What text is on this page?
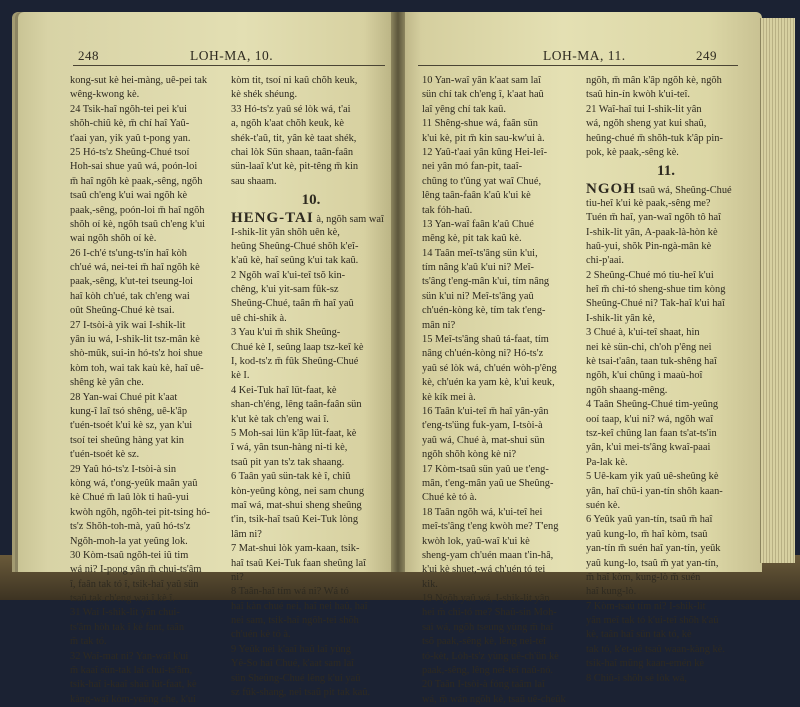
248	LOH-MA, 10.
kong-sut kè hei-màng, uê-pei tak
wêng-kwong kè.
24 Tsik-haî ngŏh-tei pei k'ui
shŏh-chiû kè, m̄ chí haî Yaû-
t'aai yan, yik yaû t-pong yan.
25 Hó-ts'z Sheûng-Chué tsoí
Hoh-sai shue yaû wá, poón-loi
m̄ haî ngŏh kè paak,-sêng, ngŏh
tsaû ch'eng k'ui wai ngŏh kè
paak,-sêng, poón-loi m̄ haî ngŏh
shŏh oí kè, ngŏh tsaû ch'eng k'ui
wai ngŏh shŏh oí kè.
26 I-ch'é ts'ung-ts'ín haî kòh
ch'ué wá, nei-tei m̄ haî ngŏh kè
paak,-sêng, k'ut-tei tseung-loi
haî kòh ch'ué, tak ch'eng wai
oût Sheûng-Chué kè tsai.
27 I-tsòi-à yik wai I-shik-lit
yân iu wá, I-shik-lit tsz-mân kè
shò-mûk, sui-in hó-ts'z hoi shue
kòm toh, wai tak kaù kè, haî uê-
shêng kè yân che.
28 Yan-wai Chué pit k'aat
kung-î laî tsó shêng, uê-k'âp
t'uén-tsoét k'ui kè sz, yan k'ui
tsoí tei sheûng hàng yat kin
t'uén-tsoét kè sz.
29 Yaû hó-ts'z I-tsòi-à sin
kòng wá, t'ong-yeûk maân yaû
kè Chué m̄ laû lòk ti haû-yui
kwòh ngŏh, ngŏh-tei pit-tsing hó-
ts'z Shŏh-toh-mà, yaû hó-ts'z
Ngŏh-moh-la yat yeûng lok.
30 Kòm-tsaû ngŏh-tei iû tim
wá ni? I-pong yân m̄ chui-ts'âm
î, faân tak tó î, tsik-haî yaû sün
tsaû tak ch'eng wai î kè î.
31 Wai I-shik-lit yân chui-
ts'âm hòh tak î kè fant, taân
m̄ tak tó.
32 Waî-mat ni? Yan-waî k'ui
m̄ kaaî sün-tak laî chui-ts'âm,
tsik-haî i-kaaî shaû lüt-faat, kè
kàng-waî kòm-yeûng che, k'ui
kòm tit, tsoí ni kaû chŏh keuk,
kè shék shéung.
33 Hó-ts'z yaû sé lòk wá, t'ai
a, ngŏh k'aat chŏh keuk, kè
shék-t'aû, tit, yân kè taat shék,
chai lòk Sün shaan, taân-faân
sün-laaî k'ut kè, pit-têng m̄ kin
sau shaam.
10.
HENG-TAI à, ngŏh sam waî
I-shik-lit yân shŏh uên kè,
heûng Sheûng-Chué shŏh k'eî-
k'aû kè, haî seûng k'ui tak kaû.
2 Ngŏh waî k'ui-teî tsŏ kin-
chêng, k'ui yit-sam fûk-sz
Sheûng-Chué, taân m̄ haî yaû
uê chi-shik à.
3 Yau k'ui m̄ shik Sheûng-
Chué kè I, seûng laap tsz-keî kè
I, kod-ts'z m̄ fûk Sheûng-Chué
kè I.
4 Kei-Tuk haî lüt-faat, kè
shan-ch'éng, lêng taân-faân sün
k'ut kè tak ch'eng wai î.
5 Moh-sai lün k'âp lüt-faat, kè
î wá, yân tsun-hàng ni-ti kè,
tsaû pit yan ts'z tak shaang.
6 Taân yaû sün-tak kè î, chiû
kòn-yeûng kòng, nei sam chung
maî wá, mat-shui sheng sheûng
t'in, tsik-haî tsaû Kei-Tuk lòng
lâm ni?
7 Mat-shui lòk yam-kaan, tsik-
haî tsaû Kei-Tuk faan sheûng laî
ni?
8 Taân-haî tím wá ni? Wá tó
haî kàn chué nei, haî nei haû, haî
nei sam, tsik-haî ngŏh-tei shŏh
ch'uén kè tó à.
9 Yeûk nei k'aaî haû laî yùng
Yê-So haî Chué, k'aat sam laî
sün Sheûng-Chué lêng k'ui yaû
sz fûk-shang, nei tsaû pit tak kaû.
LOH-MA, 11.	249
10 Yan-waî yân k'aat sam laî
sün chí tak ch'eng î, k'aat haû
laî yêng chí tak kaû.
11 Shêng-shue wá, faân sün
k'ui kè, pit m̄ kin sau-kw'ui à.
12 Yaû-t'aai yân kûng Hei-leî-
nei yân mó fan-pit, taaî-
chûng to t'ûng yat waî Chué,
lêng taân-faân k'aû k'ui kè
tak fóh-haû.
13 Yan-waî faân k'aû Chué
mêng kè, pit tak kaû kè.
14 Taân meî-ts'âng sün k'ui,
tím nâng k'aû k'ui ni? Meî-
ts'âng t'eng-mân k'ui, tím nâng
sün k'ui ni? Meî-ts'âng yaû
ch'uén-kòng kè, tím tak t'eng-
mân ni?
15 Meî-ts'âng shaû tá-faat, tím
nâng ch'uén-kòng ni? Hó-ts'z
yaû sé lòk wá, ch'uén wòh-p'êng
kè, ch'uén ka yam kè, k'ui keuk,
kè kík mei à.
16 Taân k'ui-teî m̄ haî yân-yân
t'eng-ts'üng fuk-yam, I-tsòi-à
yaû wá, Chué à, mat-shui sün
ngŏh shŏh kòng kè ni?
17 Kòm-tsaû sün yaû ue t'eng-
mân, t'eng-mân yaû ue Sheûng-
Chué kè tó à.
18 Taân ngŏh wá, k'ui-teî hei
meî-ts'âng t'eng kwòh me? T'eng
kwòh lok, yaû-waî k'ui kè
sheng-yam ch'uén maan t'in-hâ,
k'ui kè shuet,-wá ch'uén tó tei
kik.
19 Ngŏh yaû wá, I-shik-lit yân
hei m̄ chi-tó me? Shaû-sin Moh-
sai wá, ngŏh tseung yùng m̄ haî
tsŏ paak,-sêng kè, lêng nei-teî
tó-kèt, Lòh-ts'z yùng uê-ch'ün kè
paak,-sêng, lêng nei-teî naû-nó.
20 Taân I-tsòi-à fóng taâm laî
wá, m̄ wán ngŏh kè, tsaû uê-cheûk
ngŏh, m̄ mân k'âp ngŏh kè, ngŏh
tsaû hin-ín kwòh k'ui-teî.
21 Waî-haî tui I-shik-lit yân
wá, ngŏh sheng yat kui shaû,
heûng-chué m̄ shŏh-tuk k'âp pin-
pok, kè paak,-sêng kè.
11.
NGOH tsaû wá, Sheûng-Chué
tiu-heî k'ui kè paak,-sêng me?
Tuén m̄ haî, yan-waî ngŏh tô haî
I-shik-lit yân, A-paak-là-hòn kè
haû-yui, shŏk Pin-ngà-mân kè
chi-p'aai.
2 Sheûng-Chué mó tiu-heî k'ui
heî m̄ chi-tó sheng-shue tim kòng
Sheûng-Chué ni? Tak-haî k'ui haî
I-shik-lit yân kè,
3 Chué à, k'ui-teî shaat, hin
nei kè sün-chi, ch'oh p'êng nei
kè tsai-t'aân, taan tuk-shêng haî
ngŏh, k'ui chûng ì maaù-hoî
ngŏh shaang-mêng.
4 Taân Sheûng-Chué tim-yeûng
ooí taap, k'ui ni? wá, ngŏh waî
tsz-keî chûng lan faan ts'at-ts'in
yân, k'ui mei-ts'âng kwaî-paai
Pa-lak kè.
5 Uê-kam yik yaû uê-sheûng kè
yân, haî chü-i yan-tín shŏh kaan-
suén kè.
6 Yeûk yaû yan-tín, tsaû m̄ haî
yaû kung-lo, m̄ haî kòm, tsaû
yan-tín m̄ suén haî yan-tín, yeûk
yaû kung-lo, tsaû m̄ yat yan-tín,
m̄ haî kòm, kung-lò m̄ suén
haî kung-lò.
7 Kòm-tsaû tím ni? I-shik-lit
yân meî tak tó k'ui-teî shŏh k'aû
kè, taân haî sün tak tó, kè
tak tó, k'et-uê tsaû waan-kàng kè.
tsik-haî mûng kaan-emén kè
8 Chiû-i shŏh sé lòk wá,
